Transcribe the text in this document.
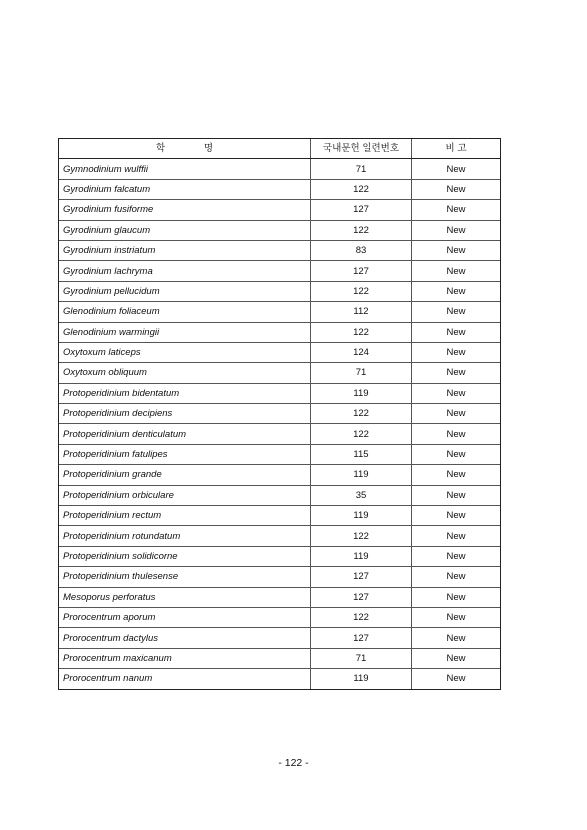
학 명	국내문헌 일련번호	비 고
Gymnodinium wulffii	71	New
Gyrodinium falcatum	122	New
Gyrodinium fusiforme	127	New
Gyrodinium glaucum	122	New
Gyrodinium instriatum	83	New
Gyrodinium lachryma	127	New
Gyrodinium pellucidum	122	New
Glenodinium foliaceum	112	New
Glenodinium warmingii	122	New
Oxytoxum laticeps	124	New
Oxytoxum obliquum	71	New
Protoperidinium bidentatum	119	New
Protoperidinium decipiens	122	New
Protoperidinium denticulatum	122	New
Protoperidinium fatulipes	115	New
Protoperidinium grande	119	New
Protoperidinium orbiculare	35	New
Protoperidinium rectum	119	New
Protoperidinium rotundatum	122	New
Protoperidinium solidicorne	119	New
Protoperidinium thulesense	127	New
Mesoporus perforatus	127	New
Prorocentrum aporum	122	New
Prorocentrum dactylus	127	New
Prorocentrum maxicanum	71	New
Prorocentrum nanum	119	New
- 122 -
